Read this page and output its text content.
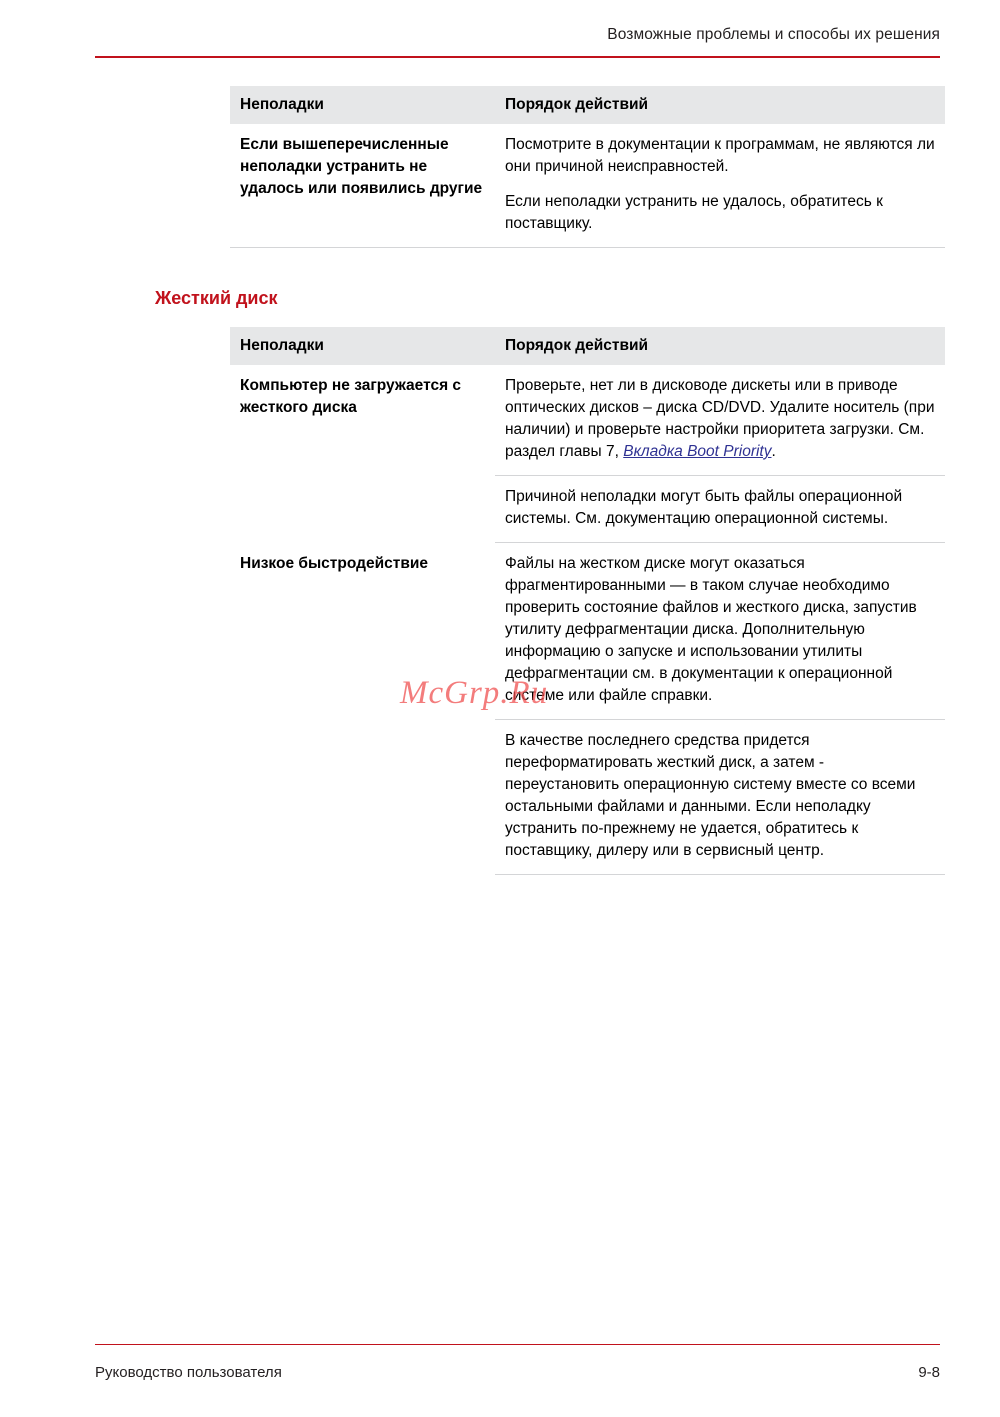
Возможные проблемы и способы их решения
Неполадки	Порядок действий
Если вышеперечисленные неполадки устранить не удалось или появились другие	Посмотрите в документации к программам, не являются ли они причиной неисправностей.

Если неполадки устранить не удалось, обратитесь к поставщику.

Жесткий диск
Неполадки	Порядок действий
Компьютер не загружается с жесткого диска	Проверьте, нет ли в дисководе дискеты или в приводе оптических дисков – диска CD/DVD. Удалите носитель (при наличии) и проверьте настройки приоритета загрузки. См. раздел главы 7, Вкладка Boot Priority.

	Причиной неполадки могут быть файлы операционной системы. См. документацию операционной системы.

Низкое быстродействие	Файлы на жестком диске могут оказаться фрагментированными — в таком случае необходимо проверить состояние файлов и жесткого диска, запустив утилиту дефрагментации диска. Дополнительную информацию о запуске и использовании утилиты дефрагментации см. в документации к операционной системе или файле справки.

	В качестве последнего средства придется переформатировать жесткий диск, а затем - переустановить операционную систему вместе со всеми остальными файлами и данными. Если неполадку устранить по-прежнему не удается, обратитесь к поставщику, дилеру или в сервисный центр.

McGrp.Ru
Руководство пользователя	9-8
